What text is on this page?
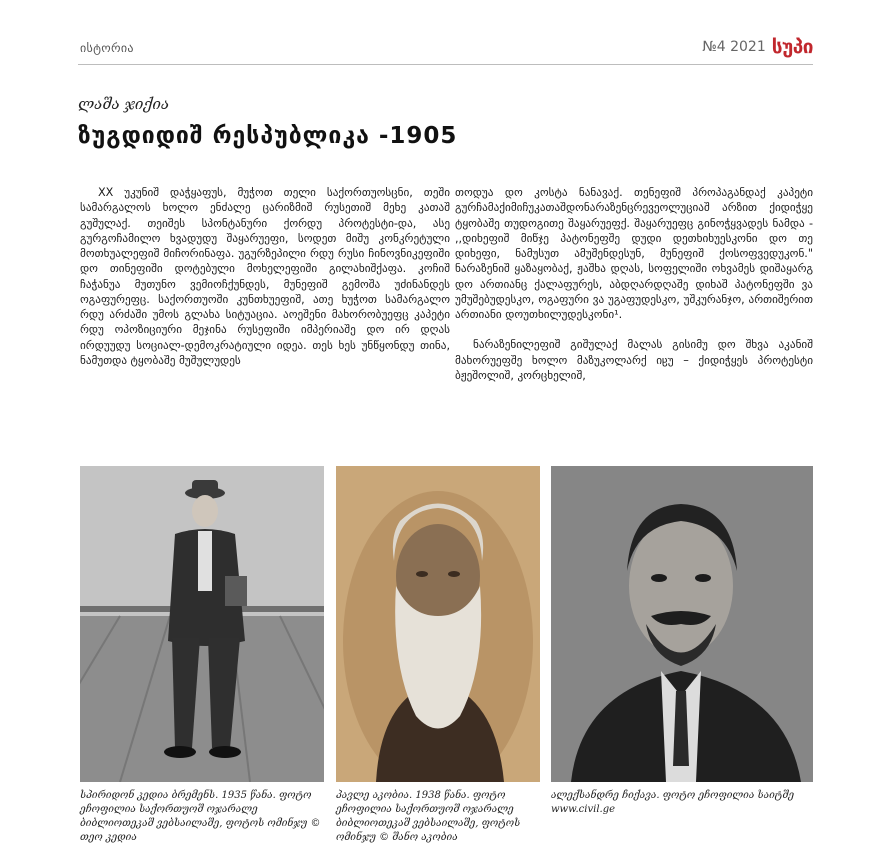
ისტორია	№4 2021 სუპი
ლაშა ჯიქია
ზუგდიდიშ რესპუბლიკა -1905

XX უკუნიშ დაჭყაფუს, მუჭოთ თელი საქორთუოსცნი, თეში სამარგალოს ხოლო ენძალე ცარიზმიშ რუსეთიშ მეხე კათაშ გუშულაქ. თეიშეს სპონტანური ქორდუ პროტესტი-და, ასე გურგოჩამილო ხვადუდუ შაყარუეფი, სოდეთ მიშუ კონკრეტული მოთხუალეფიშ მიჩორინაფა. უგურზეპილი რდუ რუსი ჩინოვნიკეფიში დო თინეფიში დოტებული მოხელეფიში გილახიშქაფა. კოჩიშ ჩაჭანუა მუთუნო ვემიოჩქუნდეს, მუნეფიშ გემოშა უძინანდეს ოგაფურეფც. საქორთუოში კუნთხუეფიშ, ათე ხუჭოთ სამარგალო რდუ არძაში უმოს გლახა სიტუაცია. აოეშენი მახორობუეფც კაპეტი რდუ ოპოზიციური მეჯინა რუსეფიში იმპერიაშე დო ირ დღას ირდუუდუ სოციალ-დემოკრატიული იდეა. თეს ხეს უნწყონდუ თინა, ნამუთდა ტყობაშე მუშულუდეს

თოდუა დო კოსტა ნანავაქ. თენეფიშ პროპაგანდაქ კაპეტი გურჩამაქიმიჩუკათაშდონარაზენცრევეოლუციაშ არზით ქიდიჭყე ტყობაშე თუდოგითე შაყარუეფქ. შაყარუეფც გინოჭყვადეს ნამდა - ,,დიხეფიშ მიწჯე პატონეფშე დუდი დეთხიხუესკონი დო თე დიხეფი, ნამუსუთ ამუშენდესუნ, მუნეფიშ ქოსოფვედუკონ." ნარაზენიშ ყაზაყობაქ, ჟაშხა დღას, სოფელიში ოხვამეს დიშაყარგ დო ართიანც ქალაფურეს, აბდღარდღაშე დიხაშ პატონეფში ვა უმუშებუდესკო, ოგაფური ვა უგაფუდესკო, უშკურანჯო, ართიშერით ართიანი დოუთხილუდესკონი¹.

ნარაზენილეფიშ გიშულაქ მალას გისიმუ დო შხვა აკანიშ მახორუეფშე ხოლო მაზუკოლარქ იჸუ – ქიდიჭყეს პროტესტი ბჟეშოლიშ, კორცხელიშ,

სპირიდონ კედია ბრემენს. 1935 წანა. ფოტო ეჩოფილია საქორთუოშ ოჯარალე ბიბლიოთეკაშ ვებსაილაშე, ფოტოს ომინჯუ © თეო კედია
პავლე აკობია. 1938 წანა. ფოტო ეჩოფილია საქორთუოშ ოჯარალე ბიბლიოთეკაშ ვებსაილაშე, ფოტოს ომინჯუ © შანო აკობია
ალექსანდრე ჩიქავა. ფოტო ეჩოფილია საიტშე www.civil.ge
